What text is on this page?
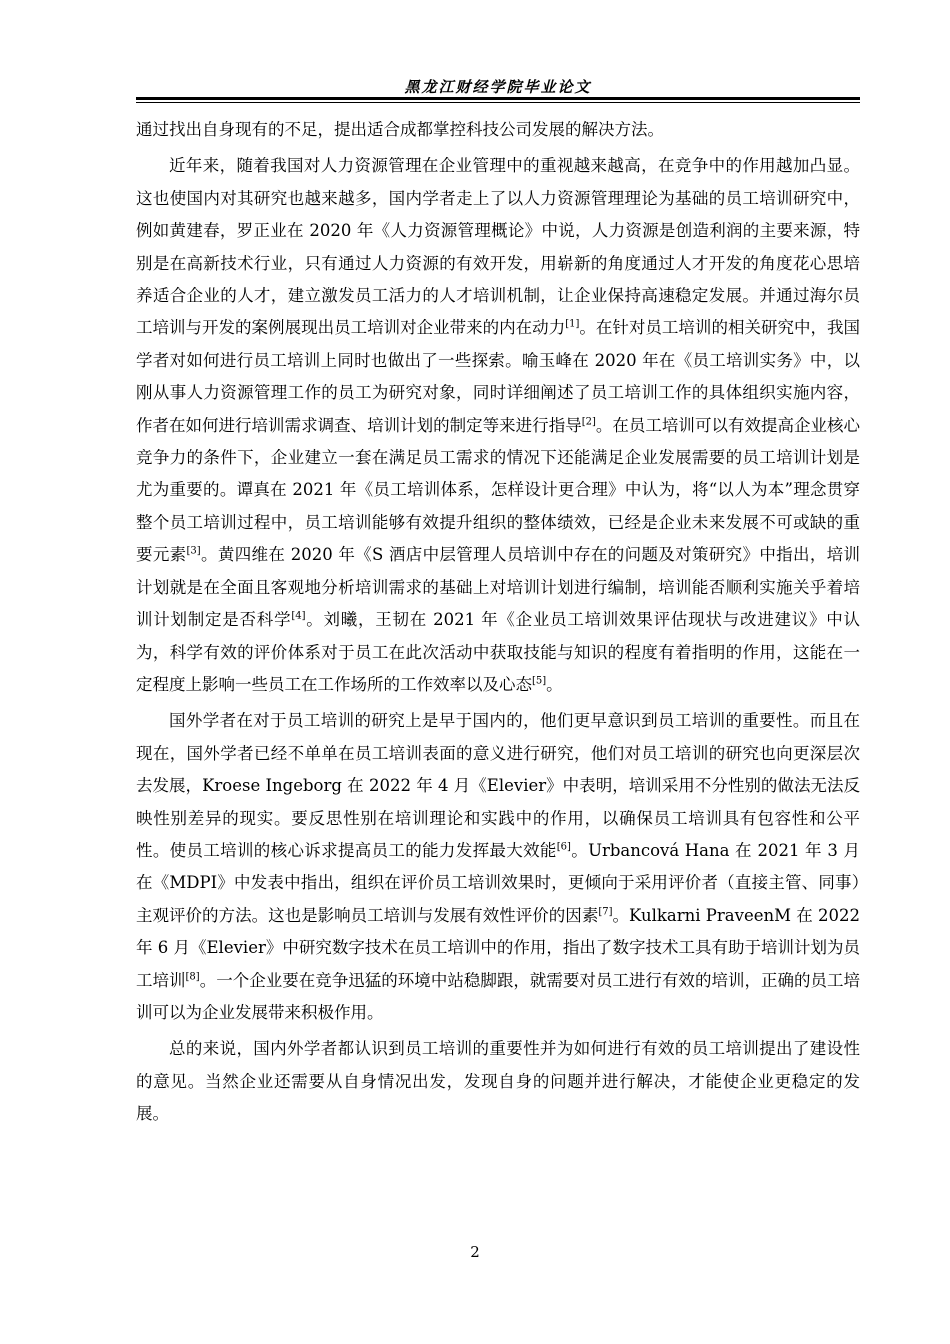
黑龙江财经学院毕业论文

通过找出自身现有的不足，提出适合成都掌控科技公司发展的解决方法。

近年来，随着我国对人力资源管理在企业管理中的重视越来越高，在竞争中的作用越加凸显。这也使国内对其研究也越来越多，国内学者走上了以人力资源管理理论为基础的员工培训研究中，例如黄建春，罗正业在 2020 年《人力资源管理概论》中说，人力资源是创造利润的主要来源，特别是在高新技术行业，只有通过人力资源的有效开发，用崭新的角度通过人才开发的角度花心思培养适合企业的人才，建立激发员工活力的人才培训机制，让企业保持高速稳定发展。并通过海尔员工培训与开发的案例展现出员工培训对企业带来的内在动力[1]。在针对员工培训的相关研究中，我国学者对如何进行员工培训上同时也做出了一些探索。喻玉峰在 2020 年在《员工培训实务》中，以刚从事人力资源管理工作的员工为研究对象，同时详细阐述了员工培训工作的具体组织实施内容，作者在如何进行培训需求调查、培训计划的制定等来进行指导[2]。在员工培训可以有效提高企业核心竞争力的条件下，企业建立一套在满足员工需求的情况下还能满足企业发展需要的员工培训计划是尤为重要的。谭真在 2021 年《员工培训体系，怎样设计更合理》中认为，将“以人为本”理念贯穿整个员工培训过程中，员工培训能够有效提升组织的整体绩效，已经是企业未来发展不可或缺的重要元素[3]。黄四维在 2020 年《S 酒店中层管理人员培训中存在的问题及对策研究》中指出，培训计划就是在全面且客观地分析培训需求的基础上对培训计划进行编制，培训能否顺利实施关乎着培训计划制定是否科学[4]。刘曦，王韧在 2021 年《企业员工培训效果评估现状与改进建议》中认为，科学有效的评价体系对于员工在此次活动中获取技能与知识的程度有着指明的作用，这能在一定程度上影响一些员工在工作场所的工作效率以及心态[5]。

国外学者在对于员工培训的研究上是早于国内的，他们更早意识到员工培训的重要性。而且在现在，国外学者已经不单单在员工培训表面的意义进行研究，他们对员工培训的研究也向更深层次去发展，Kroese Ingeborg 在 2022 年 4 月《Elevier》中表明，培训采用不分性别的做法无法反映性别差异的现实。要反思性别在培训理论和实践中的作用，以确保员工培训具有包容性和公平性。使员工培训的核心诉求提高员工的能力发挥最大效能[6]。Urbancová Hana 在 2021 年 3 月在《MDPI》中发表中指出，组织在评价员工培训效果时，更倾向于采用评价者（直接主管、同事）主观评价的方法。这也是影响员工培训与发展有效性评价的因素[7]。Kulkarni PraveenM 在 2022 年 6 月《Elevier》中研究数字技术在员工培训中的作用，指出了数字技术工具有助于培训计划为员工培训[8]。一个企业要在竞争迅猛的环境中站稳脚跟，就需要对员工进行有效的培训，正确的员工培训可以为企业发展带来积极作用。

总的来说，国内外学者都认识到员工培训的重要性并为如何进行有效的员工培训提出了建设性的意见。当然企业还需要从自身情况出发，发现自身的问题并进行解决，才能使企业更稳定的发展。

2
